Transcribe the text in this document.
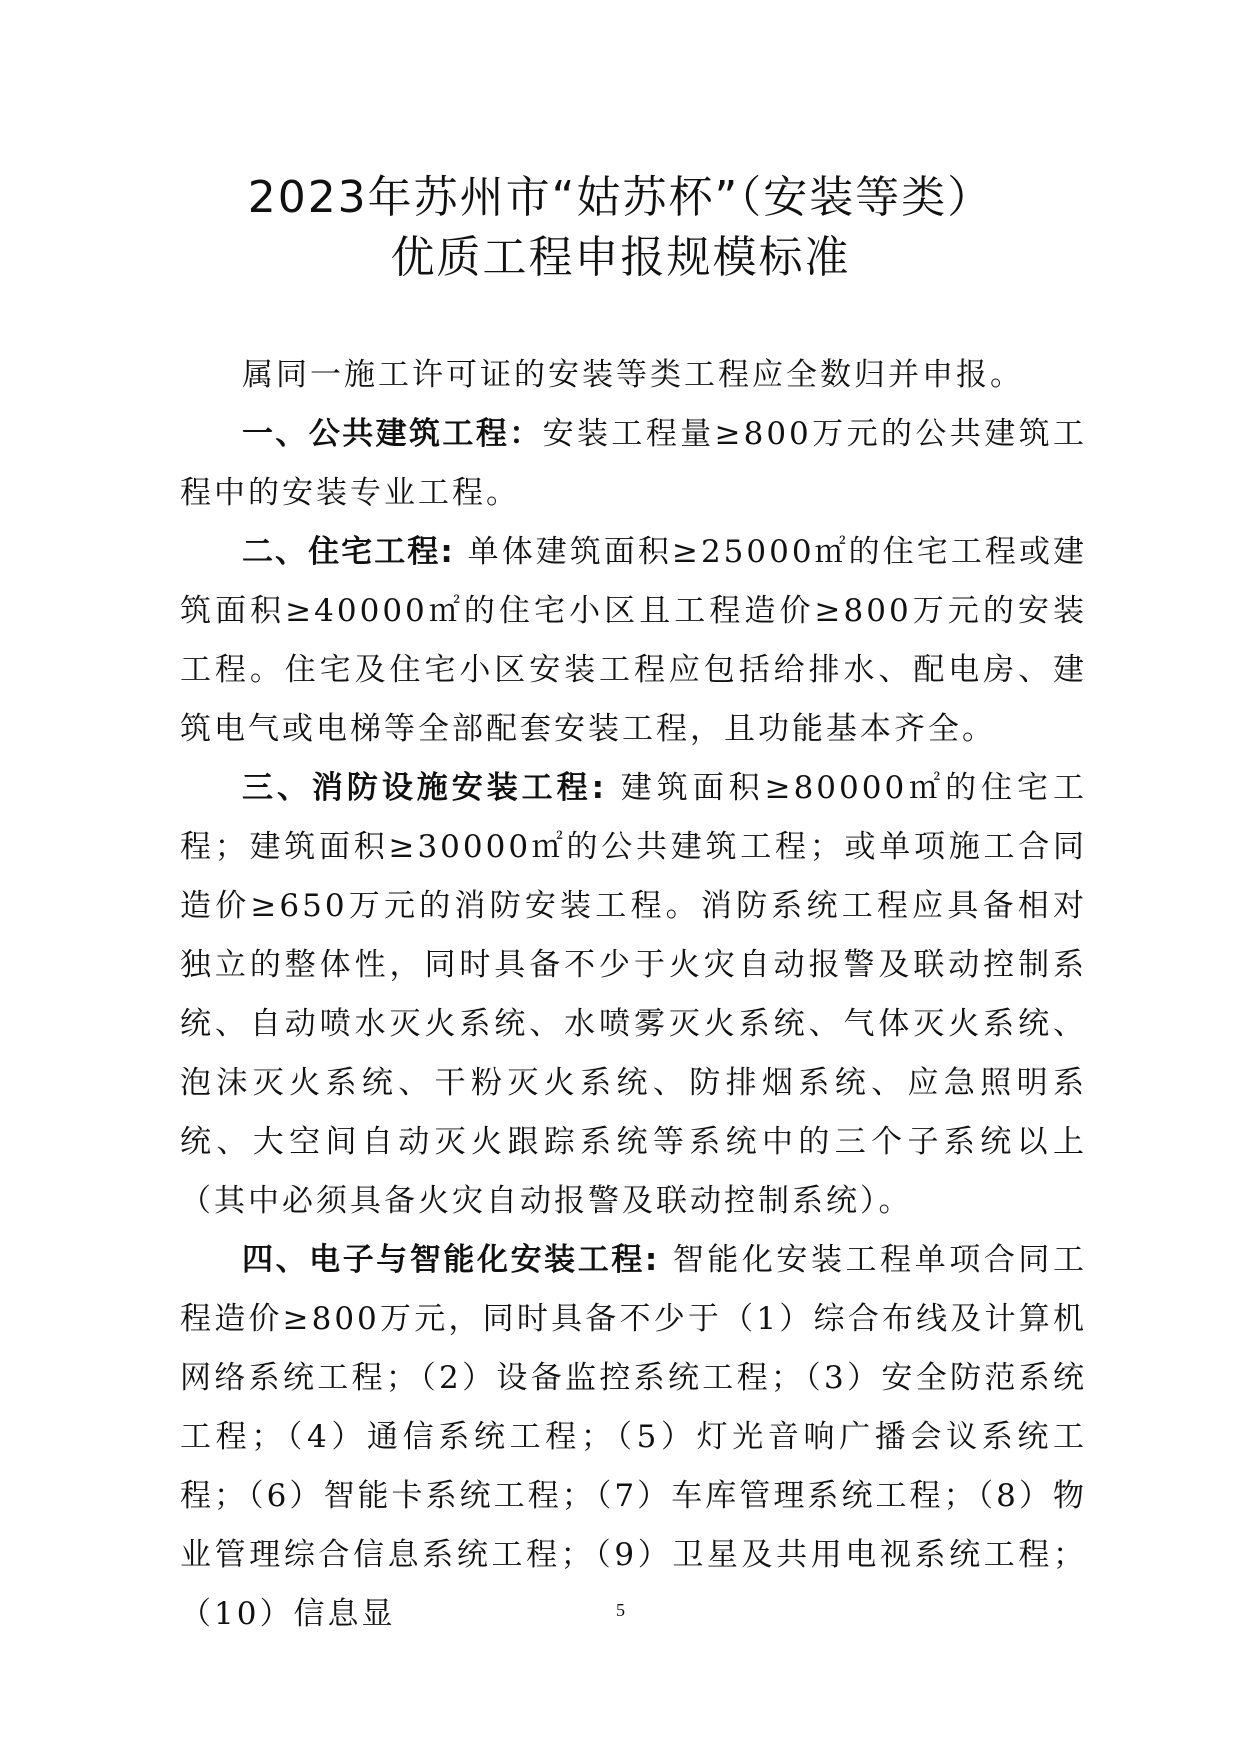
2023年苏州市“姑苏杯”（安装等类）
优质工程申报规模标准

属同一施工许可证的安装等类工程应全数归并申报。

一、公共建筑工程：安装工程量≥800万元的公共建筑工程中的安装专业工程。

二、住宅工程: 单体建筑面积≥25000㎡的住宅工程或建筑面积≥40000㎡的住宅小区且工程造价≥800万元的安装工程。住宅及住宅小区安装工程应包括给排水、配电房、建筑电气或电梯等全部配套安装工程，且功能基本齐全。

三、消防设施安装工程: 建筑面积≥80000㎡的住宅工程；建筑面积≥30000㎡的公共建筑工程；或单项施工合同造价≥650万元的消防安装工程。消防系统工程应具备相对独立的整体性，同时具备不少于火灾自动报警及联动控制系统、自动喷水灭火系统、水喷雾灭火系统、气体灭火系统、泡沫灭火系统、干粉灭火系统、防排烟系统、应急照明系统、大空间自动灭火跟踪系统等系统中的三个子系统以上（其中必须具备火灾自动报警及联动控制系统）。

四、电子与智能化安装工程: 智能化安装工程单项合同工程造价≥800万元，同时具备不少于（1）综合布线及计算机网络系统工程；（2）设备监控系统工程；（3）安全防范系统工程；（4）通信系统工程；（5）灯光音响广播会议系统工程；（6）智能卡系统工程；（7）车库管理系统工程；（8）物业管理综合信息系统工程；（9）卫星及共用电视系统工程；（10）信息显	5
